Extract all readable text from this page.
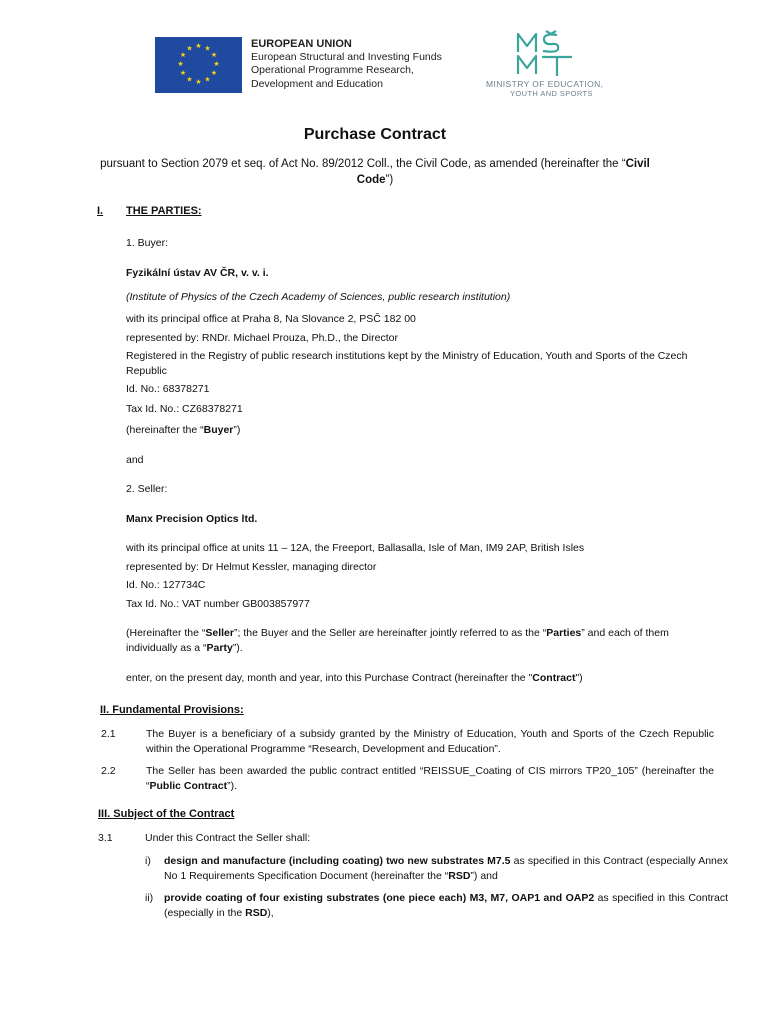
★ ★
★
★
★
★
★
★
★
★
★
★	EUROPEAN UNION
European Structural and Investing Funds
Operational Programme Research,
Development and Education	MŠMT
MINISTRY OF EDUCATION,
YOUTH AND SPORTS
Purchase Contract
pursuant to Section 2079 et seq. of Act No. 89/2012 Coll., the Civil Code, as amended (hereinafter the “Civil Code”)
I. THE PARTIES:
1. Buyer:
Fyzikální ústav AV ČR, v. v. i.
(Institute of Physics of the Czech Academy of Sciences, public research institution)
with its principal office at Praha 8, Na Slovance 2, PSČ 182 00
represented by: RNDr. Michael Prouza, Ph.D., the Director
Registered in the Registry of public research institutions kept by the Ministry of Education, Youth and Sports of the Czech Republic
Id. No.: 68378271
Tax Id. No.: CZ68378271
(hereinafter the “Buyer”)
and
2. Seller:
Manx Precision Optics ltd.
with its principal office at units 11 – 12A, the Freeport, Ballasalla, Isle of Man, IM9 2AP, British Isles
represented by: Dr Helmut Kessler, managing director
Id. No.: 127734C
Tax Id. No.: VAT number GB003857977
(Hereinafter the “Seller”; the Buyer and the Seller are hereinafter jointly referred to as the “Parties” and each of them individually as a “Party”).
enter, on the present day, month and year, into this Purchase Contract (hereinafter the "Contract")
II. Fundamental Provisions:
2.1	The Buyer is a beneficiary of a subsidy granted by the Ministry of Education, Youth and Sports of the Czech Republic within the Operational Programme “Research, Development and Education”.
2.2	The Seller has been awarded the public contract entitled “REISSUE_Coating of CIS mirrors TP20_105” (hereinafter the “Public Contract”).
III. Subject of the Contract
3.1	Under this Contract the Seller shall:
i) design and manufacture (including coating) two new substrates M7.5 as specified in this Contract (especially Annex No 1 Requirements Specification Document (hereinafter the “RSD”) and
ii) provide coating of four existing substrates (one piece each) M3, M7, OAP1 and OAP2 as specified in this Contract (especially in the RSD),
